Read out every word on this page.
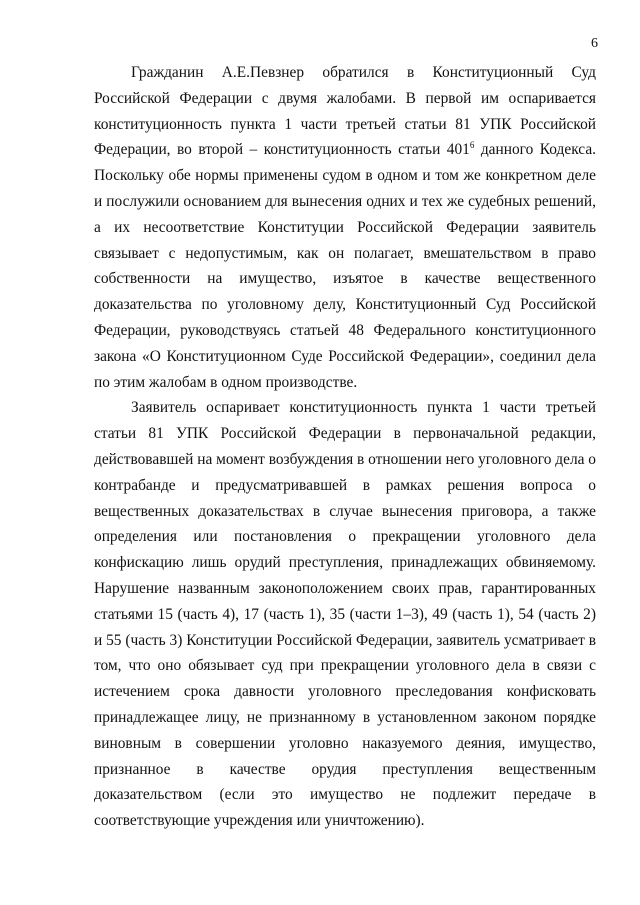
6

Гражданин А.Е.Певзнер обратился в Конституционный Суд Российской Федерации с двумя жалобами. В первой им оспаривается конституционность пункта 1 части третьей статьи 81 УПК Российской Федерации, во второй – конституционность статьи $401^6$ данного Кодекса. Поскольку обе нормы применены судом в одном и том же конкретном деле и послужили основанием для вынесения одних и тех же судебных решений, а их несоответствие Конституции Российской Федерации заявитель связывает с недопустимым, как он полагает, вмешательством в право собственности на имущество, изъятое в качестве вещественного доказательства по уголовному делу, Конституционный Суд Российской Федерации, руководствуясь статьей 48 Федерального конституционного закона «О Конституционном Суде Российской Федерации», соединил дела по этим жалобам в одном производстве.

Заявитель оспаривает конституционность пункта 1 части третьей статьи 81 УПК Российской Федерации в первоначальной редакции, действовавшей на момент возбуждения в отношении него уголовного дела о контрабанде и предусматривавшей в рамках решения вопроса о вещественных доказательствах в случае вынесения приговора, а также определения или постановления о прекращении уголовного дела конфискацию лишь орудий преступления, принадлежащих обвиняемому. Нарушение названным законоположением своих прав, гарантированных статьями 15 (часть 4), 17 (часть 1), 35 (части 1–3), 49 (часть 1), 54 (часть 2) и 55 (часть 3) Конституции Российской Федерации, заявитель усматривает в том, что оно обязывает суд при прекращении уголовного дела в связи с истечением срока давности уголовного преследования конфисковать принадлежащее лицу, не признанному в установленном законом порядке виновным в совершении уголовно наказуемого деяния, имущество, признанное в качестве орудия преступления вещественным доказательством (если это имущество не подлежит передаче в соответствующие учреждения или уничтожению).
